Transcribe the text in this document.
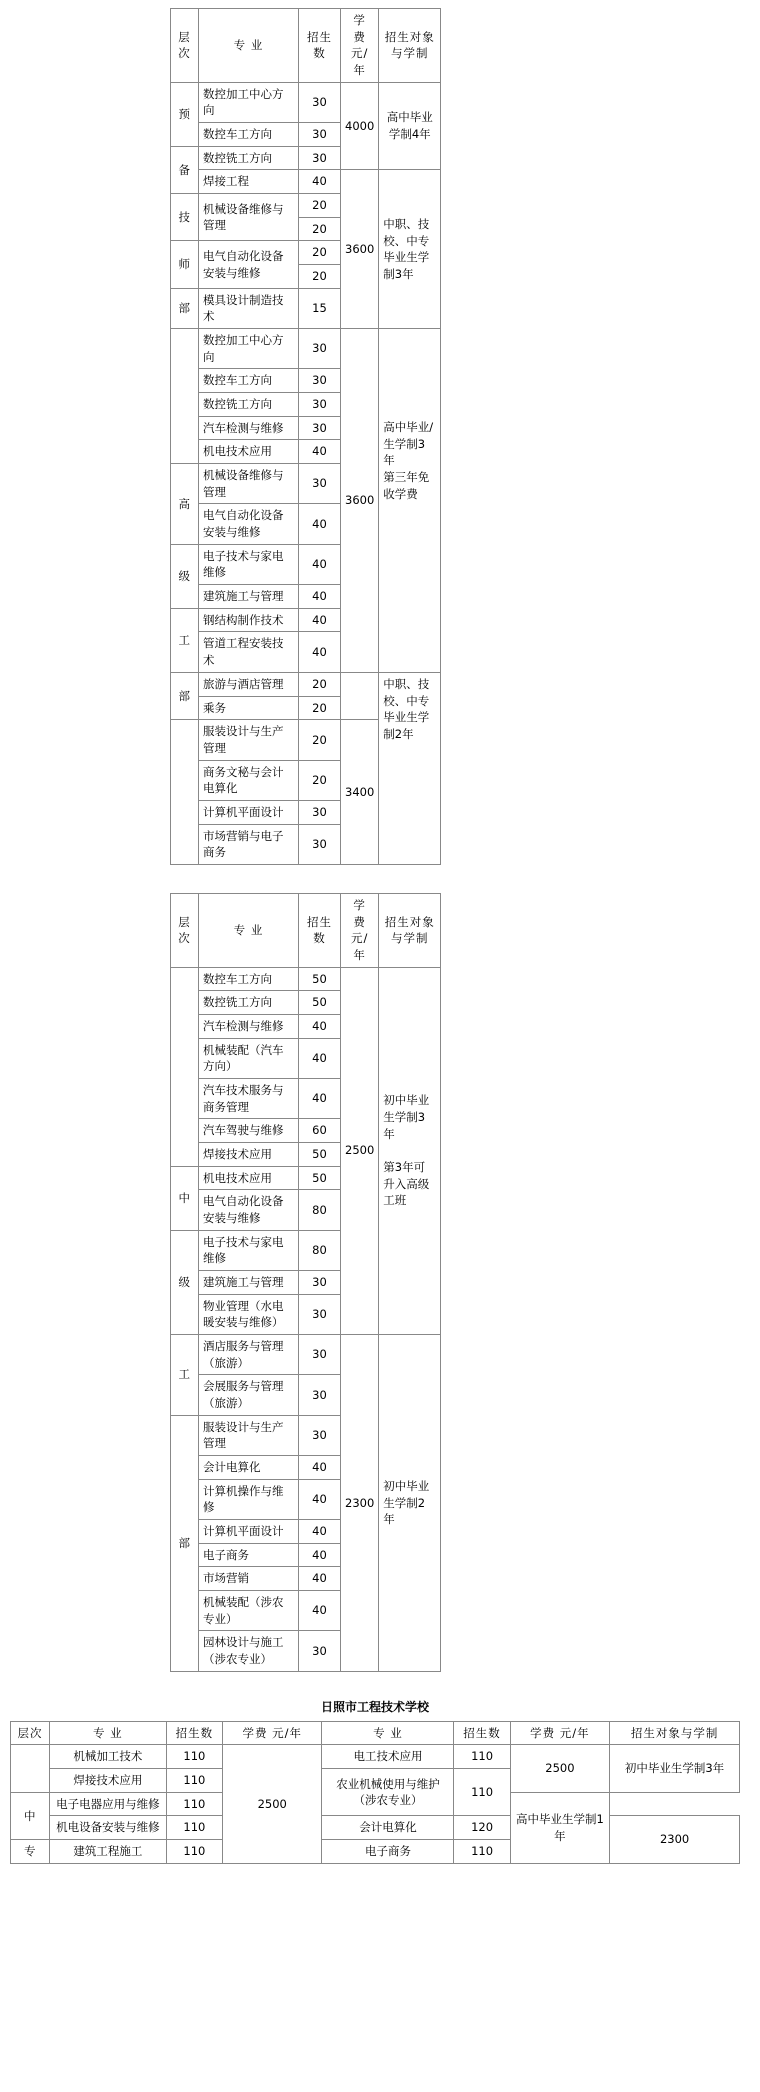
层次	专 业	招生数	学 费 元/年	招生对象与学制
预	数控加工中心方向	30	4000	高中毕业
学制4年
	数控车工方向	30		
备	数控铣工方向	30		
	焊接工程	40	3600	中职、技校、中专毕业生学制3年
技	机械设备维修与管理	20		
		20		
师	电气自动化设备安装与维修	20		
		20		
部	模具设计制造技术	15		
	数控加工中心方向	30	3600	高中毕业/生学制3年
第三年免收学费
	数控车工方向	30		
	数控铣工方向	30		
	汽车检测与维修	30		
	机电技术应用	40		
高	机械设备维修与管理	30		
	电气自动化设备安装与维修	40		
级	电子技术与家电维修	40		
	建筑施工与管理	40		
工	钢结构制作技术	40		
	管道工程安装技术	40		
部	旅游与酒店管理	20		中职、技校、中专毕业生学制2年
	乘务	20		
	服装设计与生产管理	20	3400	
	商务文秘与会计电算化	20		
	计算机平面设计	30		
	市场营销与电子商务	30		
层次	专 业	招生数	学 费 元/年	招生对象与学制
	数控车工方向	50	2500	初中毕业生学制3年

第3年可升入高级工班
	数控铣工方向	50		
	汽车检测与维修	40		
	机械装配（汽车方向）	40		
	汽车技术服务与商务管理	40		
	汽车驾驶与维修	60		
	焊接技术应用	50		
中	机电技术应用	50		
	电气自动化设备安装与维修	80		
级	电子技术与家电维修	80		
	建筑施工与管理	30		
	物业管理（水电暖安装与维修）	30		
工	酒店服务与管理（旅游）	30	2300	初中毕业生学制2年
	会展服务与管理（旅游）	30		
部	服装设计与生产管理	30		
	会计电算化	40		
	计算机操作与维修	40		
	计算机平面设计	40		
	电子商务	40		
	市场营销	40		
	机械装配（涉农专业）	40		
	园林设计与施工（涉农专业）	30		
日照市工程技术学校
层次	专 业	招生数	学费 元/年	专 业	招生数	学费 元/年	招生对象与学制
	机械加工技术	110	2500	电工技术应用	110	2500	初中毕业生学制3年
	焊接技术应用	110		农业机械使用与维护（涉农专业）	110		
中	电子电器应用与维修	110				高中毕业生学制1年	
	机电设备安装与维修	110		会计电算化	120		2300
专	建筑工程施工	110		电子商务	110		
